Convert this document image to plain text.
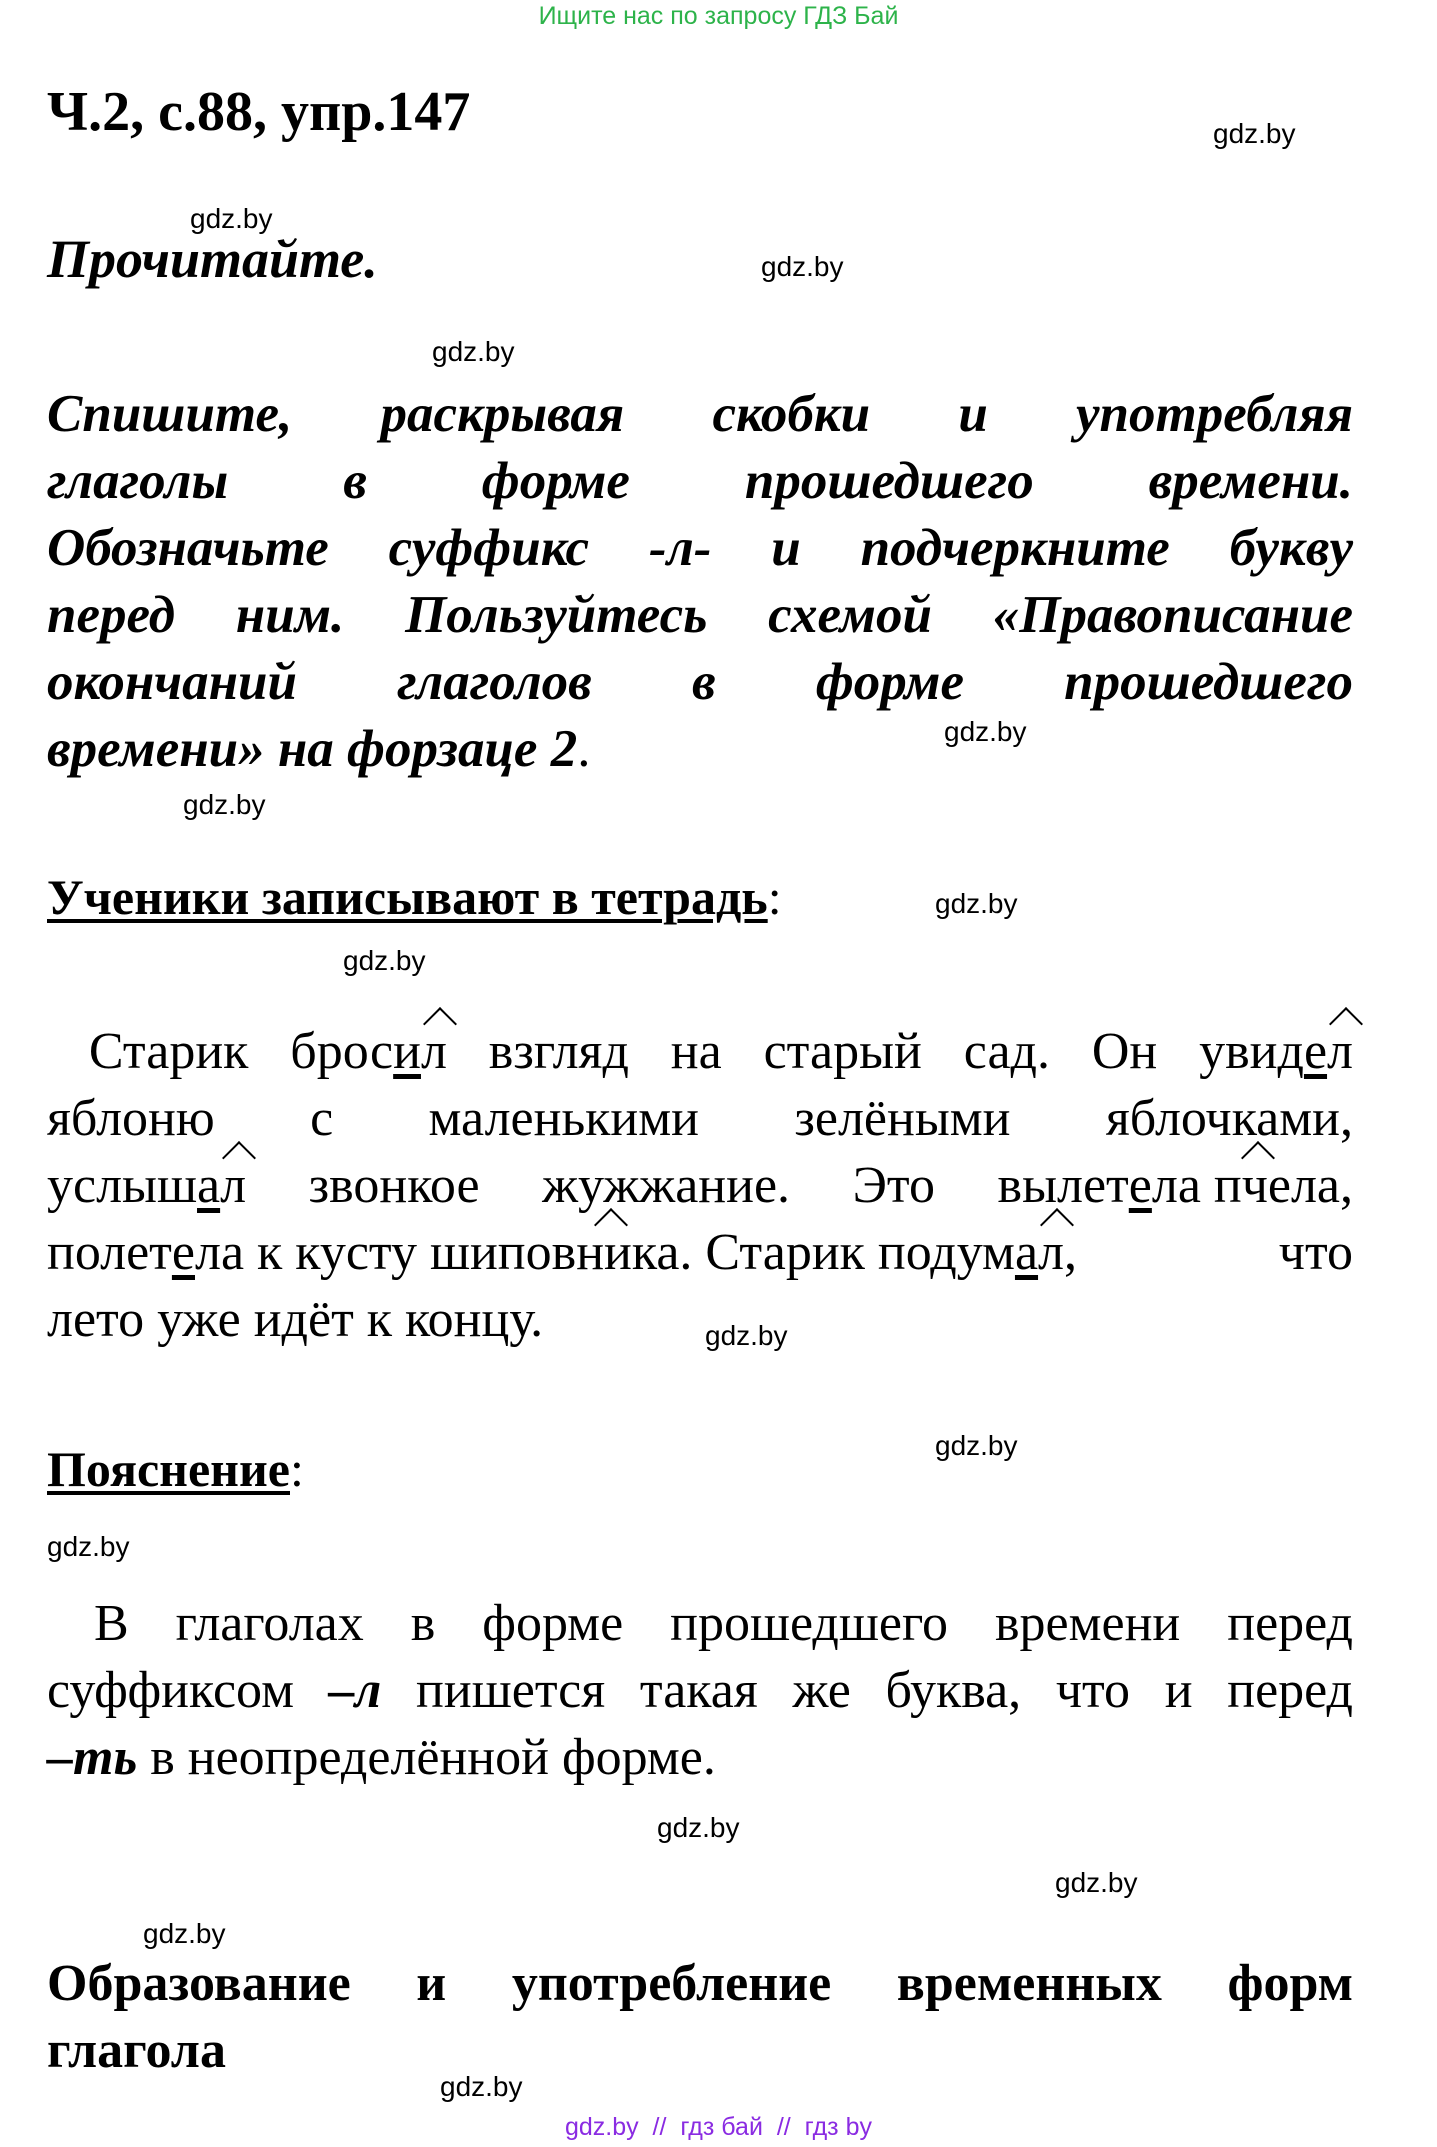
Ищите нас по запросу ГДЗ Бай
Ч.2, с.88, упр.147	gdz.by
gdz.by
gdz.by
gdz.by
gdz.by
gdz.by
gdz.by
gdz.by
gdz.by
gdz.by
gdz.by
gdz.by
gdz.by
gdz.by
gdz.by
Прочитайте.
Спишите, раскрывая скобки и употребляя
глаголы в форме прошедшего времени.
Обозначьте суффикс -л- и подчеркните букву
перед ним. Пользуйтесь схемой «Правописание
окончаний глаголов в форме прошедшего
времени» на форзаце 2.
Ученики записывают в тетрадь:
Старик бросил взгляд на старый сад. Он увидел
яблоню с маленькими зелёными яблочками,
услышал звонкое жужжание. Это вылетела пчела,
полетела к кусту шиповника. Старик подумал, что
лето уже идёт к концу.
Пояснение:
В глаголах в форме прошедшего времени перед
суффиксом –л пишется такая же буква, что и перед
–ть в неопределённой форме.
Образование и употребление временных форм
глагола
gdz.by  //  гдз бай  //  гдз by
